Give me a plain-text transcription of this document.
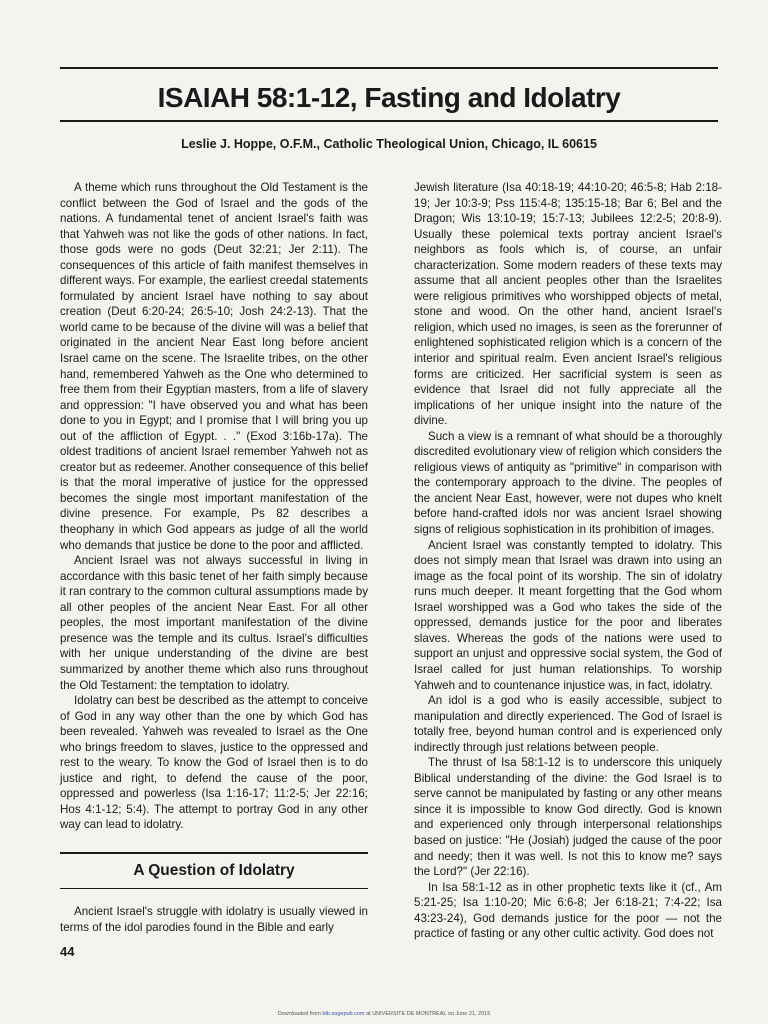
ISAIAH 58:1-12, Fasting and Idolatry
Leslie J. Hoppe, O.F.M., Catholic Theological Union, Chicago, IL 60615

A theme which runs throughout the Old Testament is the conflict between the God of Israel and the gods of the nations. A fundamental tenet of ancient Israel's faith was that Yahweh was not like the gods of other nations. In fact, those gods were no gods (Deut 32:21; Jer 2:11). The consequences of this article of faith manifest themselves in different ways. For example, the earliest creedal statements formulated by ancient Israel have nothing to say about creation (Deut 6:20-24; 26:5-10; Josh 24:2-13). That the world came to be because of the divine will was a belief that originated in the ancient Near East long before ancient Israel came on the scene. The Israelite tribes, on the other hand, remembered Yahweh as the One who determined to free them from their Egyptian masters, from a life of slavery and oppression: "I have observed you and what has been done to you in Egypt; and I promise that I will bring you up out of the affliction of Egypt. . ." (Exod 3:16b-17a). The oldest traditions of ancient Israel remember Yahweh not as creator but as redeemer. Another consequence of this belief is that the moral imperative of justice for the oppressed becomes the single most important manifestation of the divine presence. For example, Ps 82 describes a theophany in which God appears as judge of all the world who demands that justice be done to the poor and afflicted.

Ancient Israel was not always successful in living in accordance with this basic tenet of her faith simply because it ran contrary to the common cultural assumptions made by all other peoples of the ancient Near East. For all other peoples, the most important manifestation of the divine presence was the temple and its cultus. Israel's difficulties with her unique understanding of the divine are best summarized by another theme which also runs throughout the Old Testament: the temptation to idolatry.

Idolatry can best be described as the attempt to conceive of God in any way other than the one by which God has been revealed. Yahweh was revealed to Israel as the One who brings freedom to slaves, justice to the oppressed and rest to the weary. To know the God of Israel then is to do justice and right, to defend the cause of the poor, oppressed and powerless (Isa 1:16-17; 11:2-5; Jer 22:16; Hos 4:1-12; 5:4). The attempt to portray God in any other way can lead to idolatry.

A Question of Idolatry

Ancient Israel's struggle with idolatry is usually viewed in terms of the idol parodies found in the Bible and early

44

Jewish literature (Isa 40:18-19; 44:10-20; 46:5-8; Hab 2:18-19; Jer 10:3-9; Pss 115:4-8; 135:15-18; Bar 6; Bel and the Dragon; Wis 13:10-19; 15:7-13; Jubilees 12:2-5; 20:8-9). Usually these polemical texts portray ancient Israel's neighbors as fools which is, of course, an unfair characterization. Some modern readers of these texts may assume that all ancient peoples other than the Israelites were religious primitives who worshipped objects of metal, stone and wood. On the other hand, ancient Israel's religion, which used no images, is seen as the forerunner of enlightened sophisticated religion which is a concern of the interior and spiritual realm. Even ancient Israel's religious forms are criticized. Her sacrificial system is seen as evidence that Israel did not fully appreciate all the implications of her unique insight into the nature of the divine.

Such a view is a remnant of what should be a thoroughly discredited evolutionary view of religion which considers the religious views of antiquity as "primitive" in comparison with the contemporary approach to the divine. The peoples of the ancient Near East, however, were not dupes who knelt before hand-crafted idols nor was ancient Israel showing signs of religious sophistication in its prohibition of images.

Ancient Israel was constantly tempted to idolatry. This does not simply mean that Israel was drawn into using an image as the focal point of its worship. The sin of idolatry runs much deeper. It meant forgetting that the God whom Israel worshipped was a God who takes the side of the oppressed, demands justice for the poor and liberates slaves. Whereas the gods of the nations were used to support an unjust and oppressive social system, the God of Israel called for just human relationships. To worship Yahweh and to countenance injustice was, in fact, idolatry.

An idol is a god who is easily accessible, subject to manipulation and directly experienced. The God of Israel is totally free, beyond human control and is experienced only indirectly through just relations between people.

The thrust of Isa 58:1-12 is to underscore this uniquely Biblical understanding of the divine: the God Israel is to serve cannot be manipulated by fasting or any other means since it is impossible to know God directly. God is known and experienced only through interpersonal relationships based on justice: "He (Josiah) judged the cause of the poor and needy; then it was well. Is not this to know me? says the Lord?" (Jer 22:16).

In Isa 58:1-12 as in other prophetic texts like it (cf., Am 5:21-25; Isa 1:10-20; Mic 6:6-8; Jer 6:18-21; 7:4-22; Isa 43:23-24), God demands justice for the poor — not the practice of fasting or any other cultic activity. God does not

Downloaded from btb.sagepub.com at UNIVERSITE DE MONTREAL on June 21, 2015
